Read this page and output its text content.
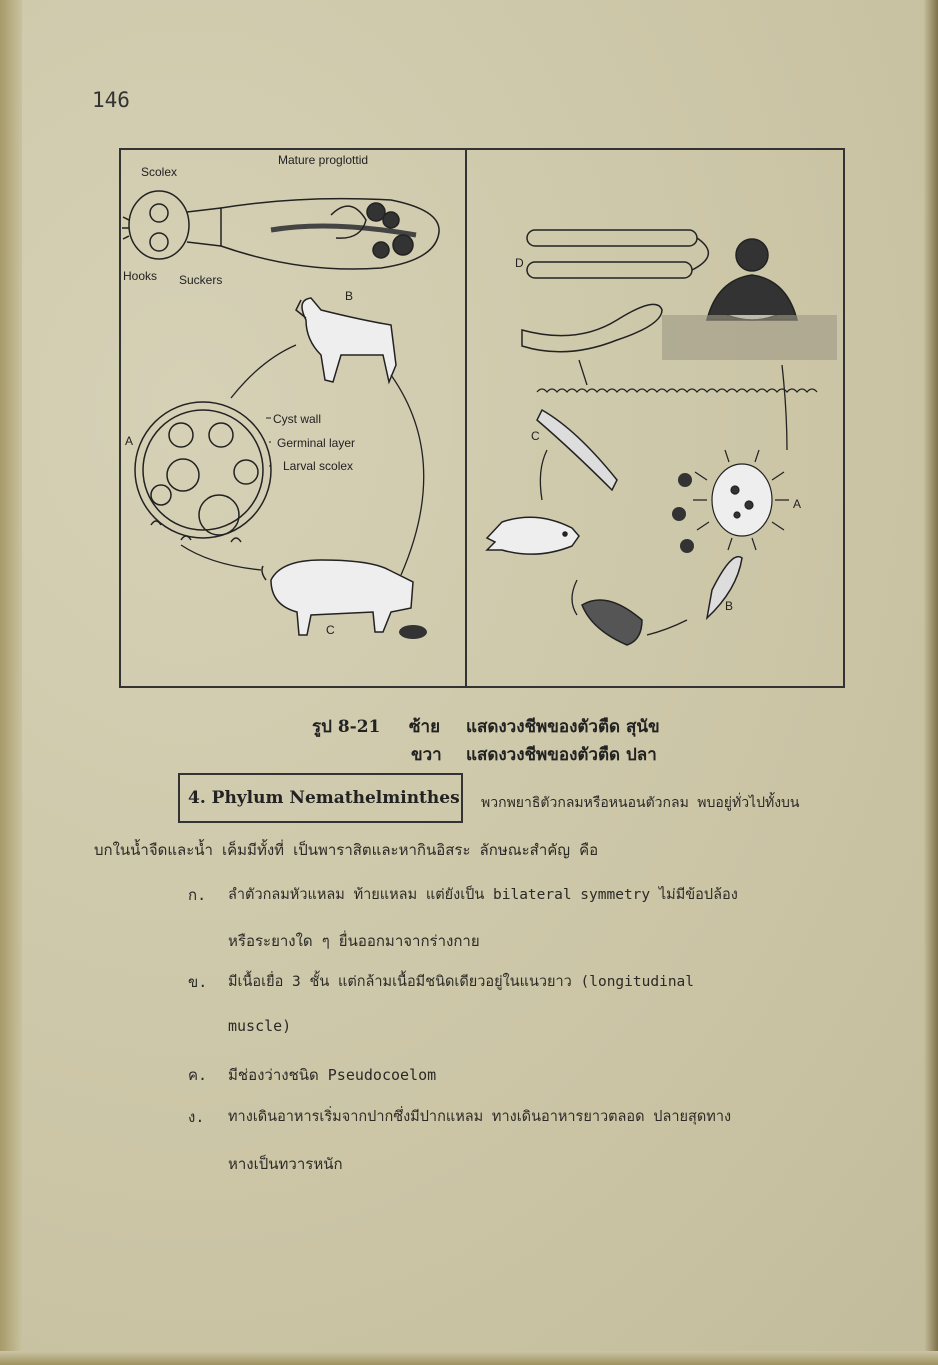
146
Scolex
Mature proglottid
Hooks Suckers
B
A
Cyst wall
Germinal layer
Larval scolex
C
D
C
A
B
รูป 8-21 ซ้าย แสดงวงชีพของตัวตืด สุนัข
ขวา แสดงวงชีพของตัวตืด ปลา
4. Phylum Nemathelminthes พวกพยาธิตัวกลมหรือหนอนตัวกลม พบอยู่ทั่วไปทั้งบน
บกในน้ำจืดและน้ำ เค็มมีทั้งที่ เป็นพาราสิตและหากินอิสระ ลักษณะสำคัญ คือ
ก. ลำตัวกลมหัวแหลม ท้ายแหลม แต่ยังเป็น bilateral symmetry ไม่มีข้อปล้อง
หรือระยางใด ๆ ยื่นออกมาจากร่างกาย
ข. มีเนื้อเยื่อ 3 ชั้น แต่กล้ามเนื้อมีชนิดเดียวอยู่ในแนวยาว (longitudinal
muscle)
ค. มีช่องว่างชนิด Pseudocoelom
ง. ทางเดินอาหารเริ่มจากปากซึ่งมีปากแหลม ทางเดินอาหารยาวตลอด ปลายสุดทาง
หางเป็นทวารหนัก
